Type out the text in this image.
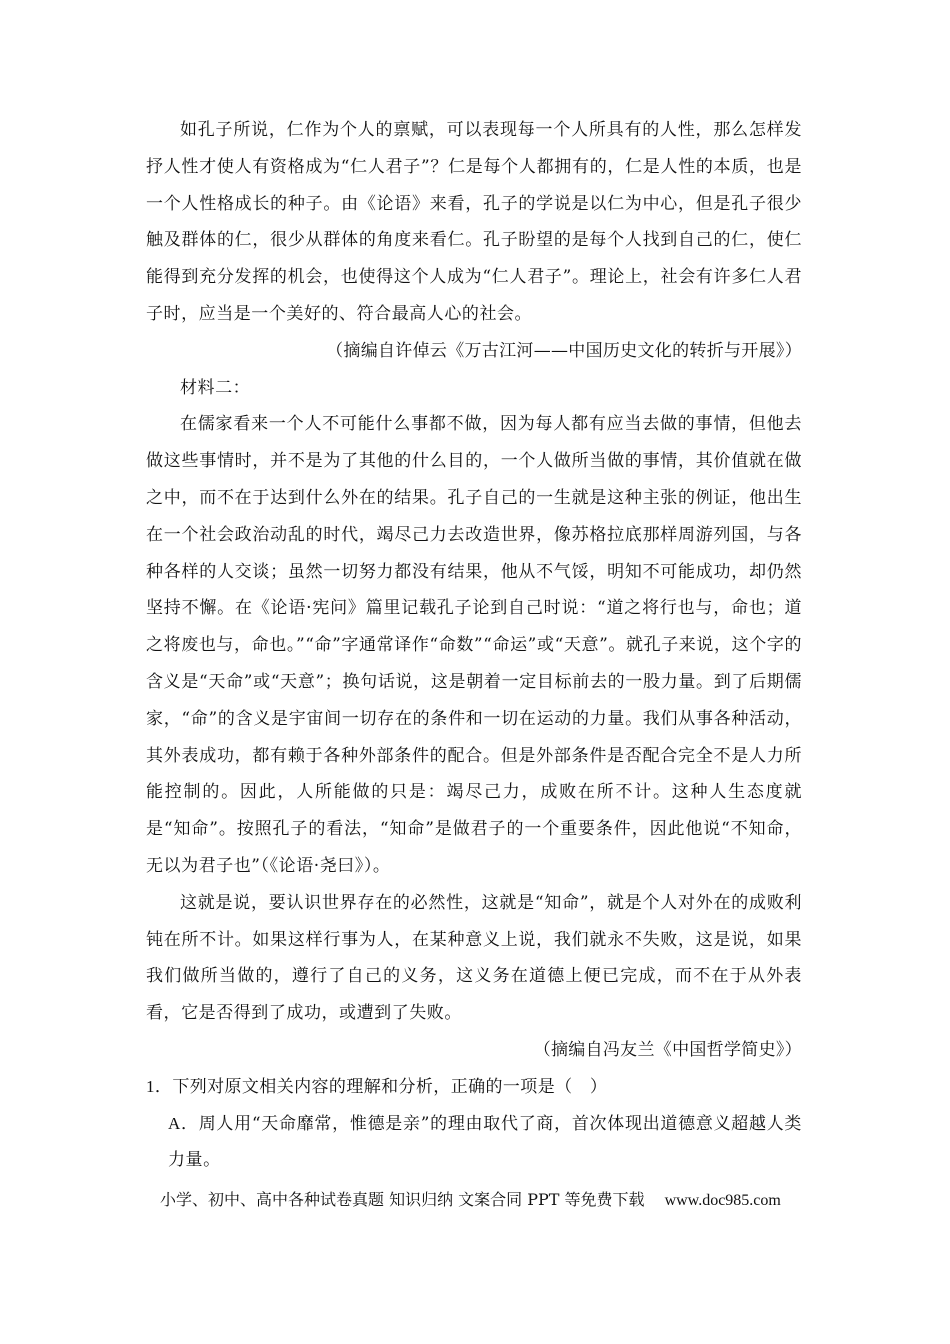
如孔子所说，仁作为个人的禀赋，可以表现每一个人所具有的人性，那么怎样发抒人性才使人有资格成为“仁人君子”？仁是每个人都拥有的，仁是人性的本质，也是一个人性格成长的种子。由《论语》来看，孔子的学说是以仁为中心，但是孔子很少触及群体的仁，很少从群体的角度来看仁。孔子盼望的是每个人找到自己的仁，使仁能得到充分发挥的机会，也使得这个人成为“仁人君子”。理论上，社会有许多仁人君子时，应当是一个美好的、符合最高人心的社会。

（摘编自许倬云《万古江河——中国历史文化的转折与开展》）

材料二：

在儒家看来一个人不可能什么事都不做，因为每人都有应当去做的事情，但他去做这些事情时，并不是为了其他的什么目的，一个人做所当做的事情，其价值就在做之中，而不在于达到什么外在的结果。孔子自己的一生就是这种主张的例证，他出生在一个社会政治动乱的时代，竭尽己力去改造世界，像苏格拉底那样周游列国，与各种各样的人交谈；虽然一切努力都没有结果，他从不气馁，明知不可能成功，却仍然坚持不懈。在《论语·宪问》篇里记载孔子论到自己时说：“道之将行也与，命也；道之将废也与，命也。”“命”字通常译作“命数”“命运”或“天意”。就孔子来说，这个字的含义是“天命”或“天意”；换句话说，这是朝着一定目标前去的一股力量。到了后期儒家，“命”的含义是宇宙间一切存在的条件和一切在运动的力量。我们从事各种活动，其外表成功，都有赖于各种外部条件的配合。但是外部条件是否配合完全不是人力所能控制的。因此，人所能做的只是：竭尽己力，成败在所不计。这种人生态度就是“知命”。按照孔子的看法，“知命”是做君子的一个重要条件，因此他说“不知命，无以为君子也”（《论语·尧曰》）。

这就是说，要认识世界存在的必然性，这就是“知命”，就是个人对外在的成败利钝在所不计。如果这样行事为人，在某种意义上说，我们就永不失败，这是说，如果我们做所当做的，遵行了自己的义务，这义务在道德上便已完成，而不在于从外表看，它是否得到了成功，或遭到了失败。

（摘编自冯友兰《中国哲学简史》）

1．下列对原文相关内容的理解和分析，正确的一项是（　）

A．周人用“天命靡常，惟德是亲”的理由取代了商，首次体现出道德意义超越人类力量。

小学、初中、高中各种试卷真题 知识归纳 文案合同 PPT 等免费下载 www.doc985.com
